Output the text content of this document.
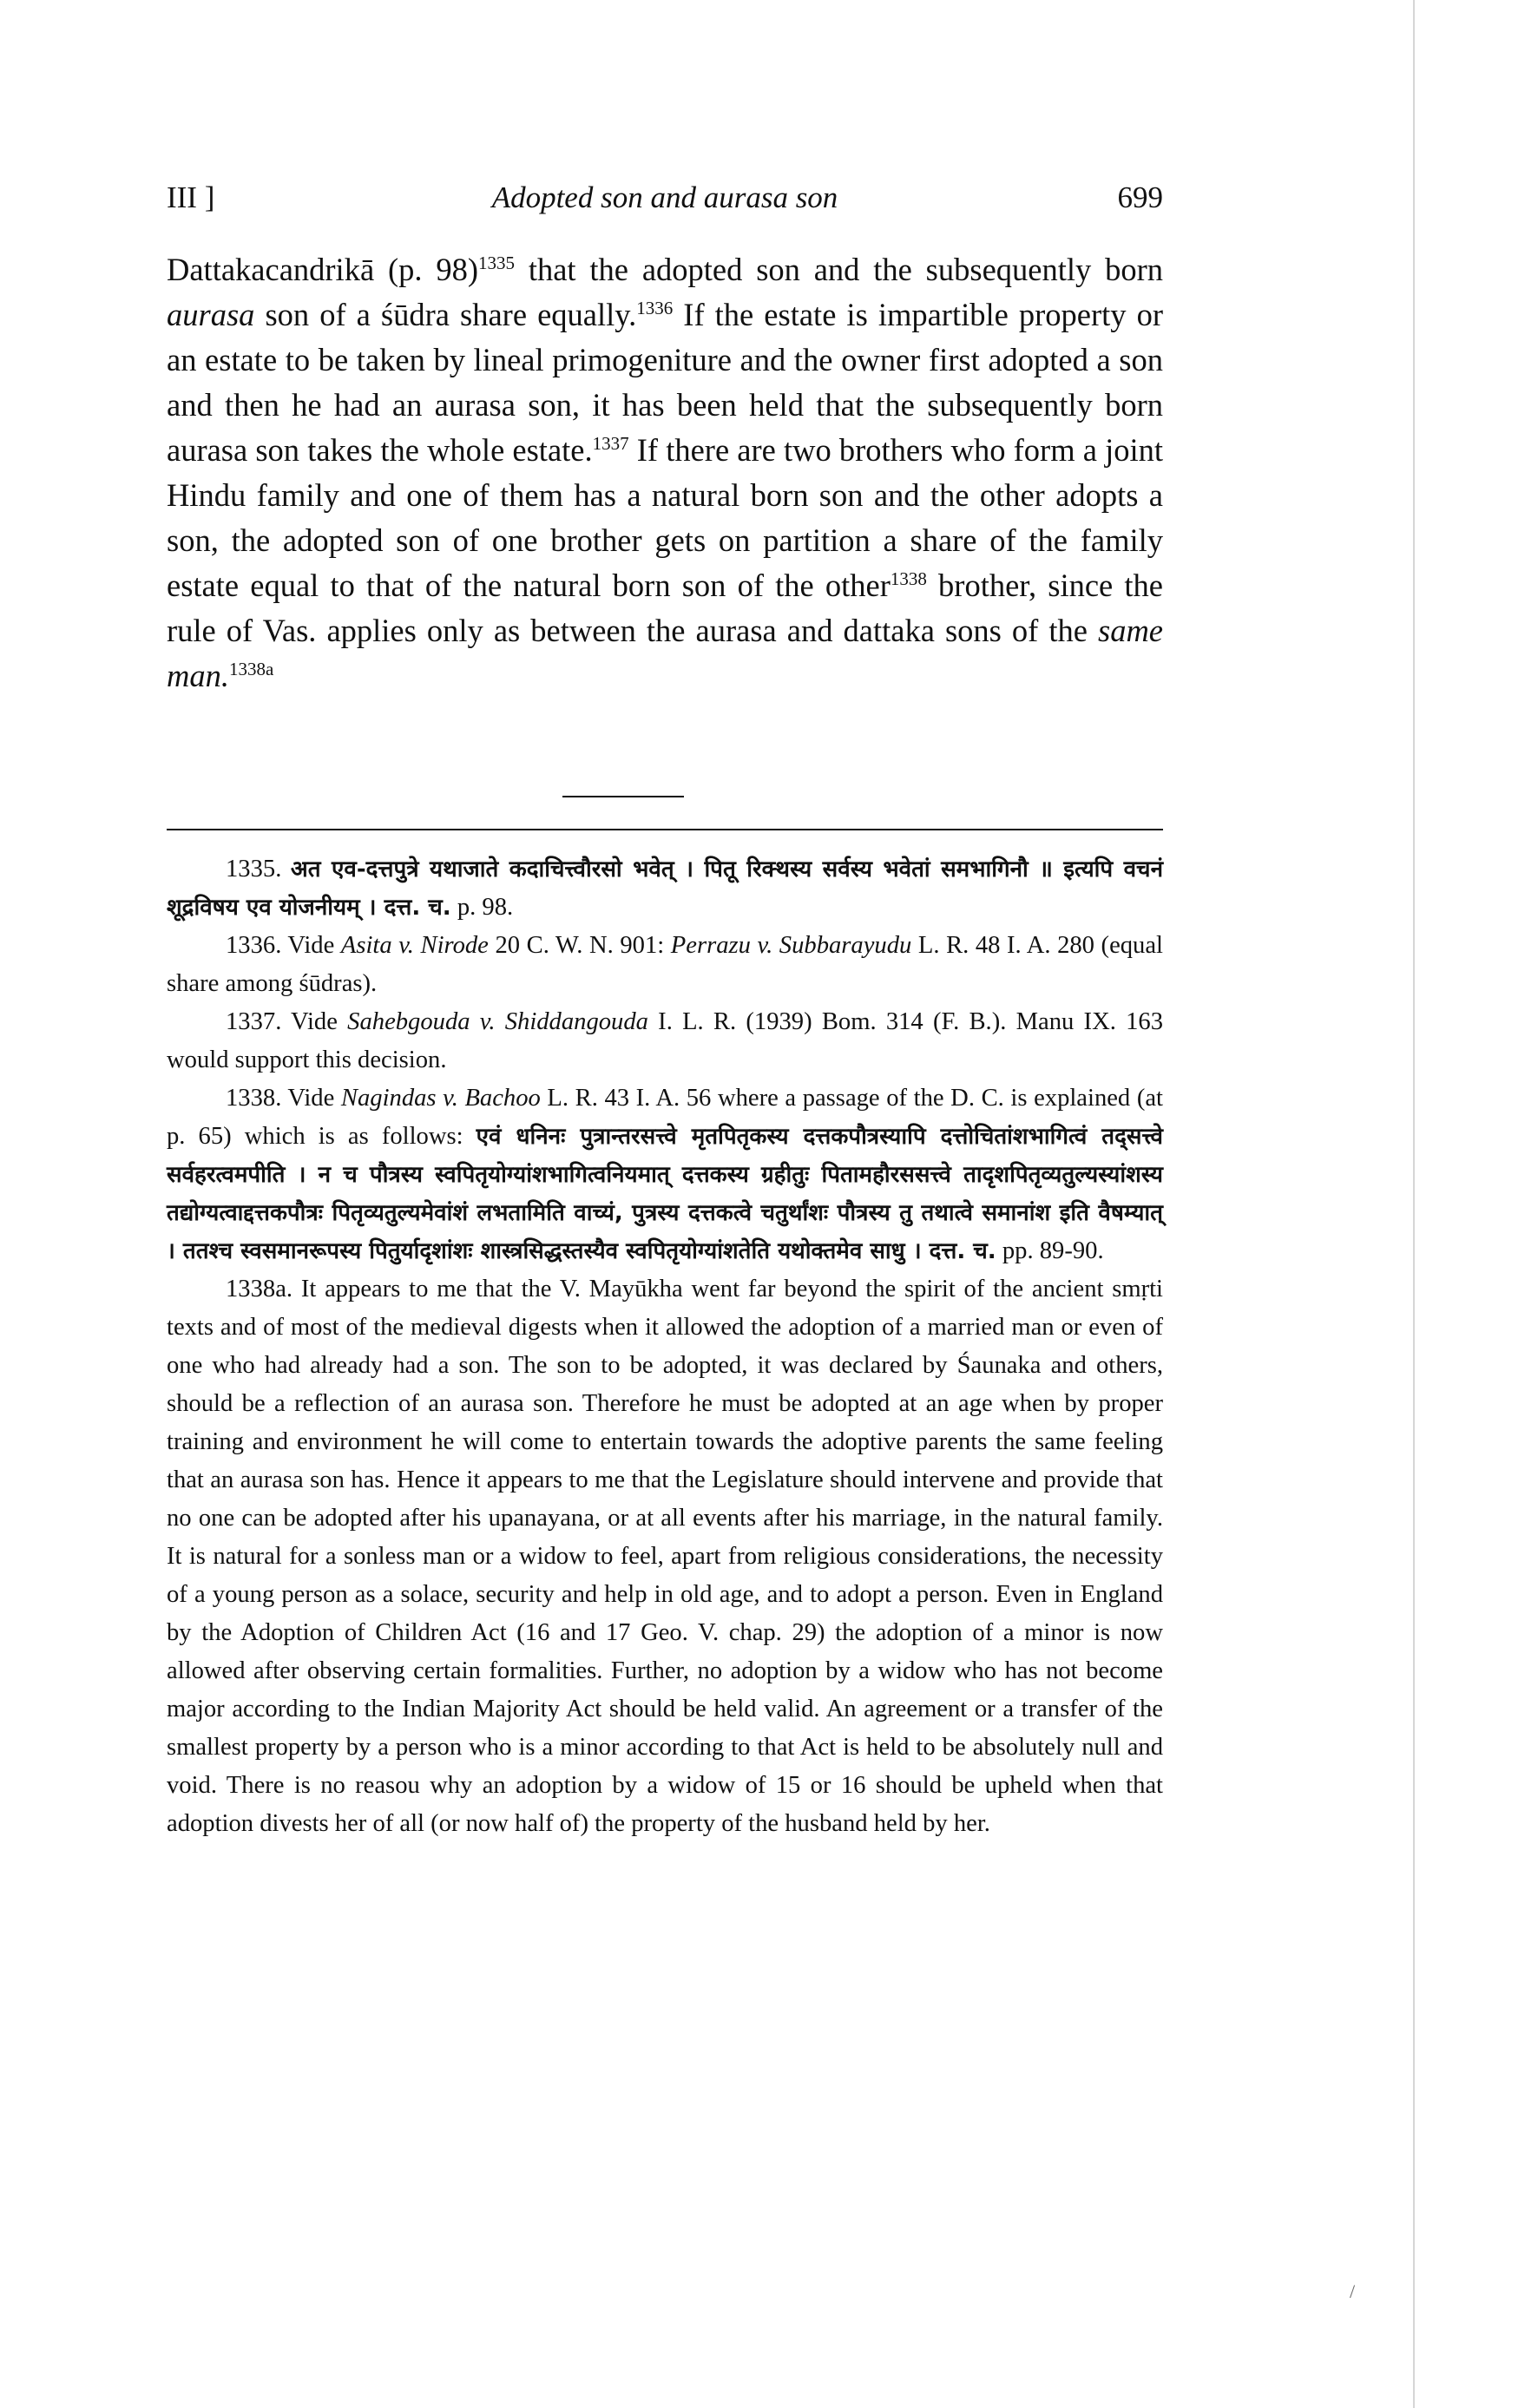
III ]	Adopted son and aurasa son	699

Dattakacandrikā (p. 98)$^{1335}$ that the adopted son and the subsequently born aurasa son of a śūdra share equally.$^{1336}$ If the estate is impartible property or an estate to be taken by lineal primogeniture and the owner first adopted a son and then he had an aurasa son, it has been held that the subsequently born aurasa son takes the whole estate.$^{1337}$ If there are two brothers who form a joint Hindu family and one of them has a natural born son and the other adopts a son, the adopted son of one brother gets on partition a share of the family estate equal to that of the natural born son of the other$^{1338}$ brother, since the rule of Vas. applies only as between the aurasa and dattaka sons of the same man.$^{1338a}$

1335. अत एव-दत्तपुत्रे यथाजाते कदाचित्त्वौरसो भवेत् । पितू रिक्थस्य सर्वस्य भवेतां समभागिनौ ॥ इत्यपि वचनं शूद्रविषय एव योजनीयम् । दत्त. च. p. 98.

1336. Vide Asita v. Nirode 20 C. W. N. 901: Perrazu v. Subbarayudu L. R. 48 I. A. 280 (equal share among śūdras).

1337. Vide Sahebgouda v. Shiddangouda I. L. R. (1939) Bom. 314 (F. B.). Manu IX. 163 would support this decision.

1338. Vide Nagindas v. Bachoo L. R. 43 I. A. 56 where a passage of the D. C. is explained (at p. 65) which is as follows: एवं धनिनः पुत्रान्तरसत्त्वे मृतपितृकस्य दत्तकपौत्रस्यापि दत्तोचितांशभागित्वं तद्सत्त्वे सर्वहरत्वमपीति । न च पौत्रस्य स्वपितृयोग्यांशभागित्वनियमात् दत्तकस्य ग्रहीतुः पितामहौरससत्त्वे तादृशपितृव्यतुल्यस्यांशस्य तद्योग्यत्वाद्दत्तकपौत्रः पितृव्यतुल्यमेवांशं लभतामिति वाच्यं, पुत्रस्य दत्तकत्वे चतुर्थांशः पौत्रस्य तु तथात्वे समानांश इति वैषम्यात् । ततश्च स्वसमानरूपस्य पितुर्यादृशांशः शास्त्रसिद्धस्तस्यैव स्वपितृयोग्यांशतेति यथोक्तमेव साधु । दत्त. च. pp. 89-90.

1338a. It appears to me that the V. Mayūkha went far beyond the spirit of the ancient smṛti texts and of most of the medieval digests when it allowed the adoption of a married man or even of one who had already had a son. The son to be adopted, it was declared by Śaunaka and others, should be a reflection of an aurasa son. Therefore he must be adopted at an age when by proper training and environment he will come to entertain towards the adoptive parents the same feeling that an aurasa son has. Hence it appears to me that the Legislature should intervene and provide that no one can be adopted after his upanayana, or at all events after his marriage, in the natural family. It is natural for a sonless man or a widow to feel, apart from religious considerations, the necessity of a young person as a solace, security and help in old age, and to adopt a person. Even in England by the Adoption of Children Act (16 and 17 Geo. V. chap. 29) the adoption of a minor is now allowed after observing certain formalities. Further, no adoption by a widow who has not become major according to the Indian Majority Act should be held valid. An agreement or a transfer of the smallest property by a person who is a minor according to that Act is held to be absolutely null and void. There is no reasou why an adoption by a widow of 15 or 16 should be upheld when that adoption divests her of all (or now half of) the property of the husband held by her.

/
